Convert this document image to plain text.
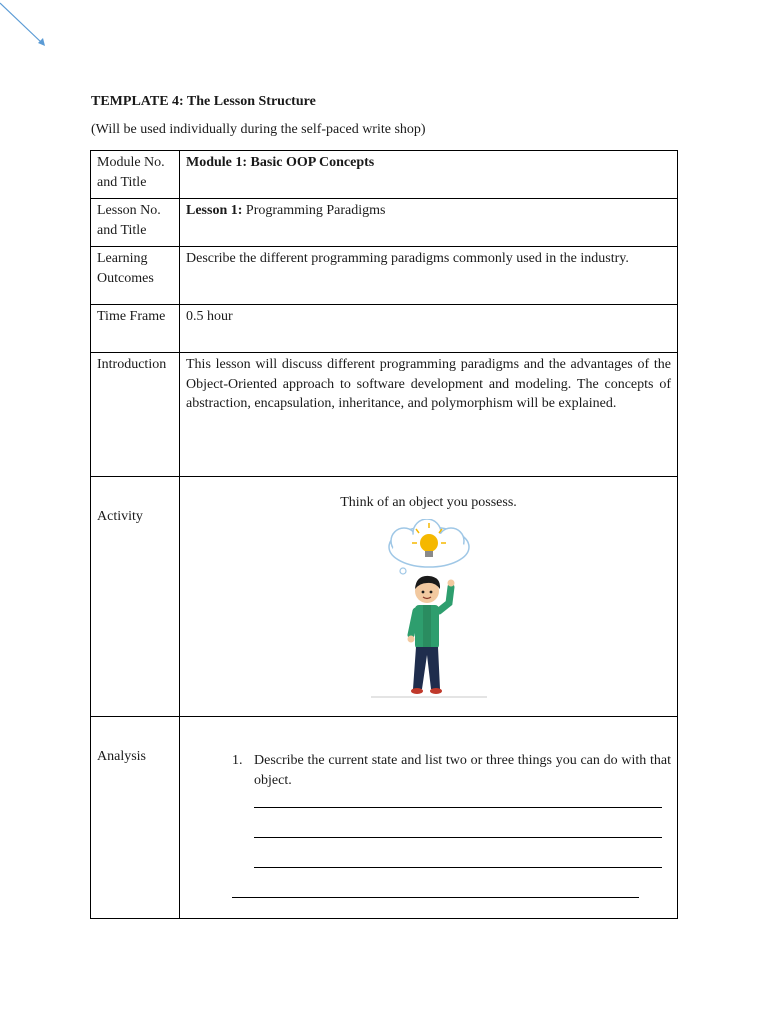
TEMPLATE 4: The Lesson Structure

(Will be used individually during the self-paced write shop)

Module No. and Title	Module 1: Basic OOP Concepts
Lesson No. and Title	Lesson 1: Programming Paradigms
Learning Outcomes	Describe the different programming paradigms commonly used in the industry.
Time Frame	0.5 hour
Introduction	This lesson will discuss different programming paradigms and the advantages of the Object-Oriented approach to software development and modeling. The concepts of abstraction, encapsulation, inheritance, and polymorphism will be explained.

Activity	Think of an object you possess.

Analysis	1. Describe the current state and list two or three things you can do with that object.
